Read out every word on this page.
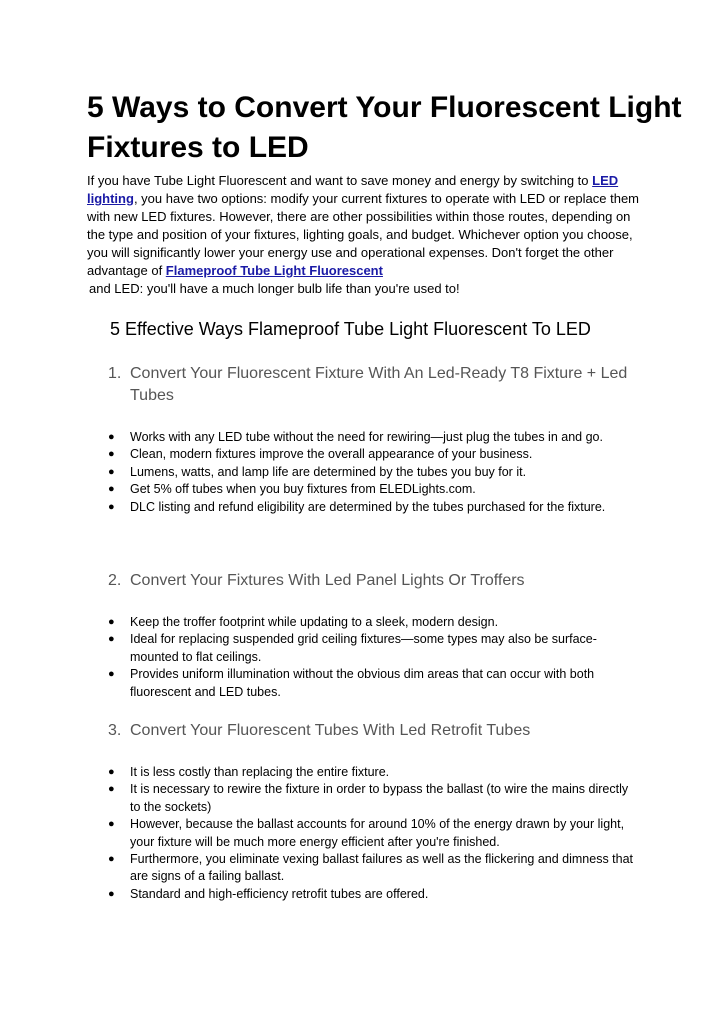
5 Ways to Convert Your Fluorescent Light Fixtures to LED

If you have Tube Light Fluorescent and want to save money and energy by switching to LED lighting, you have two options: modify your current fixtures to operate with LED or replace them with new LED fixtures. However, there are other possibilities within those routes, depending on the type and position of your fixtures, lighting goals, and budget. Whichever option you choose, you will significantly lower your energy use and operational expenses. Don't forget the other advantage of Flameproof Tube Light Fluorescent
and LED: you'll have a much longer bulb life than you're used to!

5 Effective Ways Flameproof Tube Light Fluorescent To LED
1. Convert Your Fluorescent Fixture With An Led-Ready T8 Fixture + Led Tubes
● Works with any LED tube without the need for rewiring—just plug the tubes in and go.
● Clean, modern fixtures improve the overall appearance of your business.
● Lumens, watts, and lamp life are determined by the tubes you buy for it.
● Get 5% off tubes when you buy fixtures from ELEDLights.com.
● DLC listing and refund eligibility are determined by the tubes purchased for the fixture.
2. Convert Your Fixtures With Led Panel Lights Or Troffers
● Keep the troffer footprint while updating to a sleek, modern design.
● Ideal for replacing suspended grid ceiling fixtures—some types may also be surface-mounted to flat ceilings.
● Provides uniform illumination without the obvious dim areas that can occur with both fluorescent and LED tubes.
3. Convert Your Fluorescent Tubes With Led Retrofit Tubes
● It is less costly than replacing the entire fixture.
● It is necessary to rewire the fixture in order to bypass the ballast (to wire the mains directly to the sockets)
● However, because the ballast accounts for around 10% of the energy drawn by your light, your fixture will be much more energy efficient after you're finished.
● Furthermore, you eliminate vexing ballast failures as well as the flickering and dimness that are signs of a failing ballast.
● Standard and high-efficiency retrofit tubes are offered.
